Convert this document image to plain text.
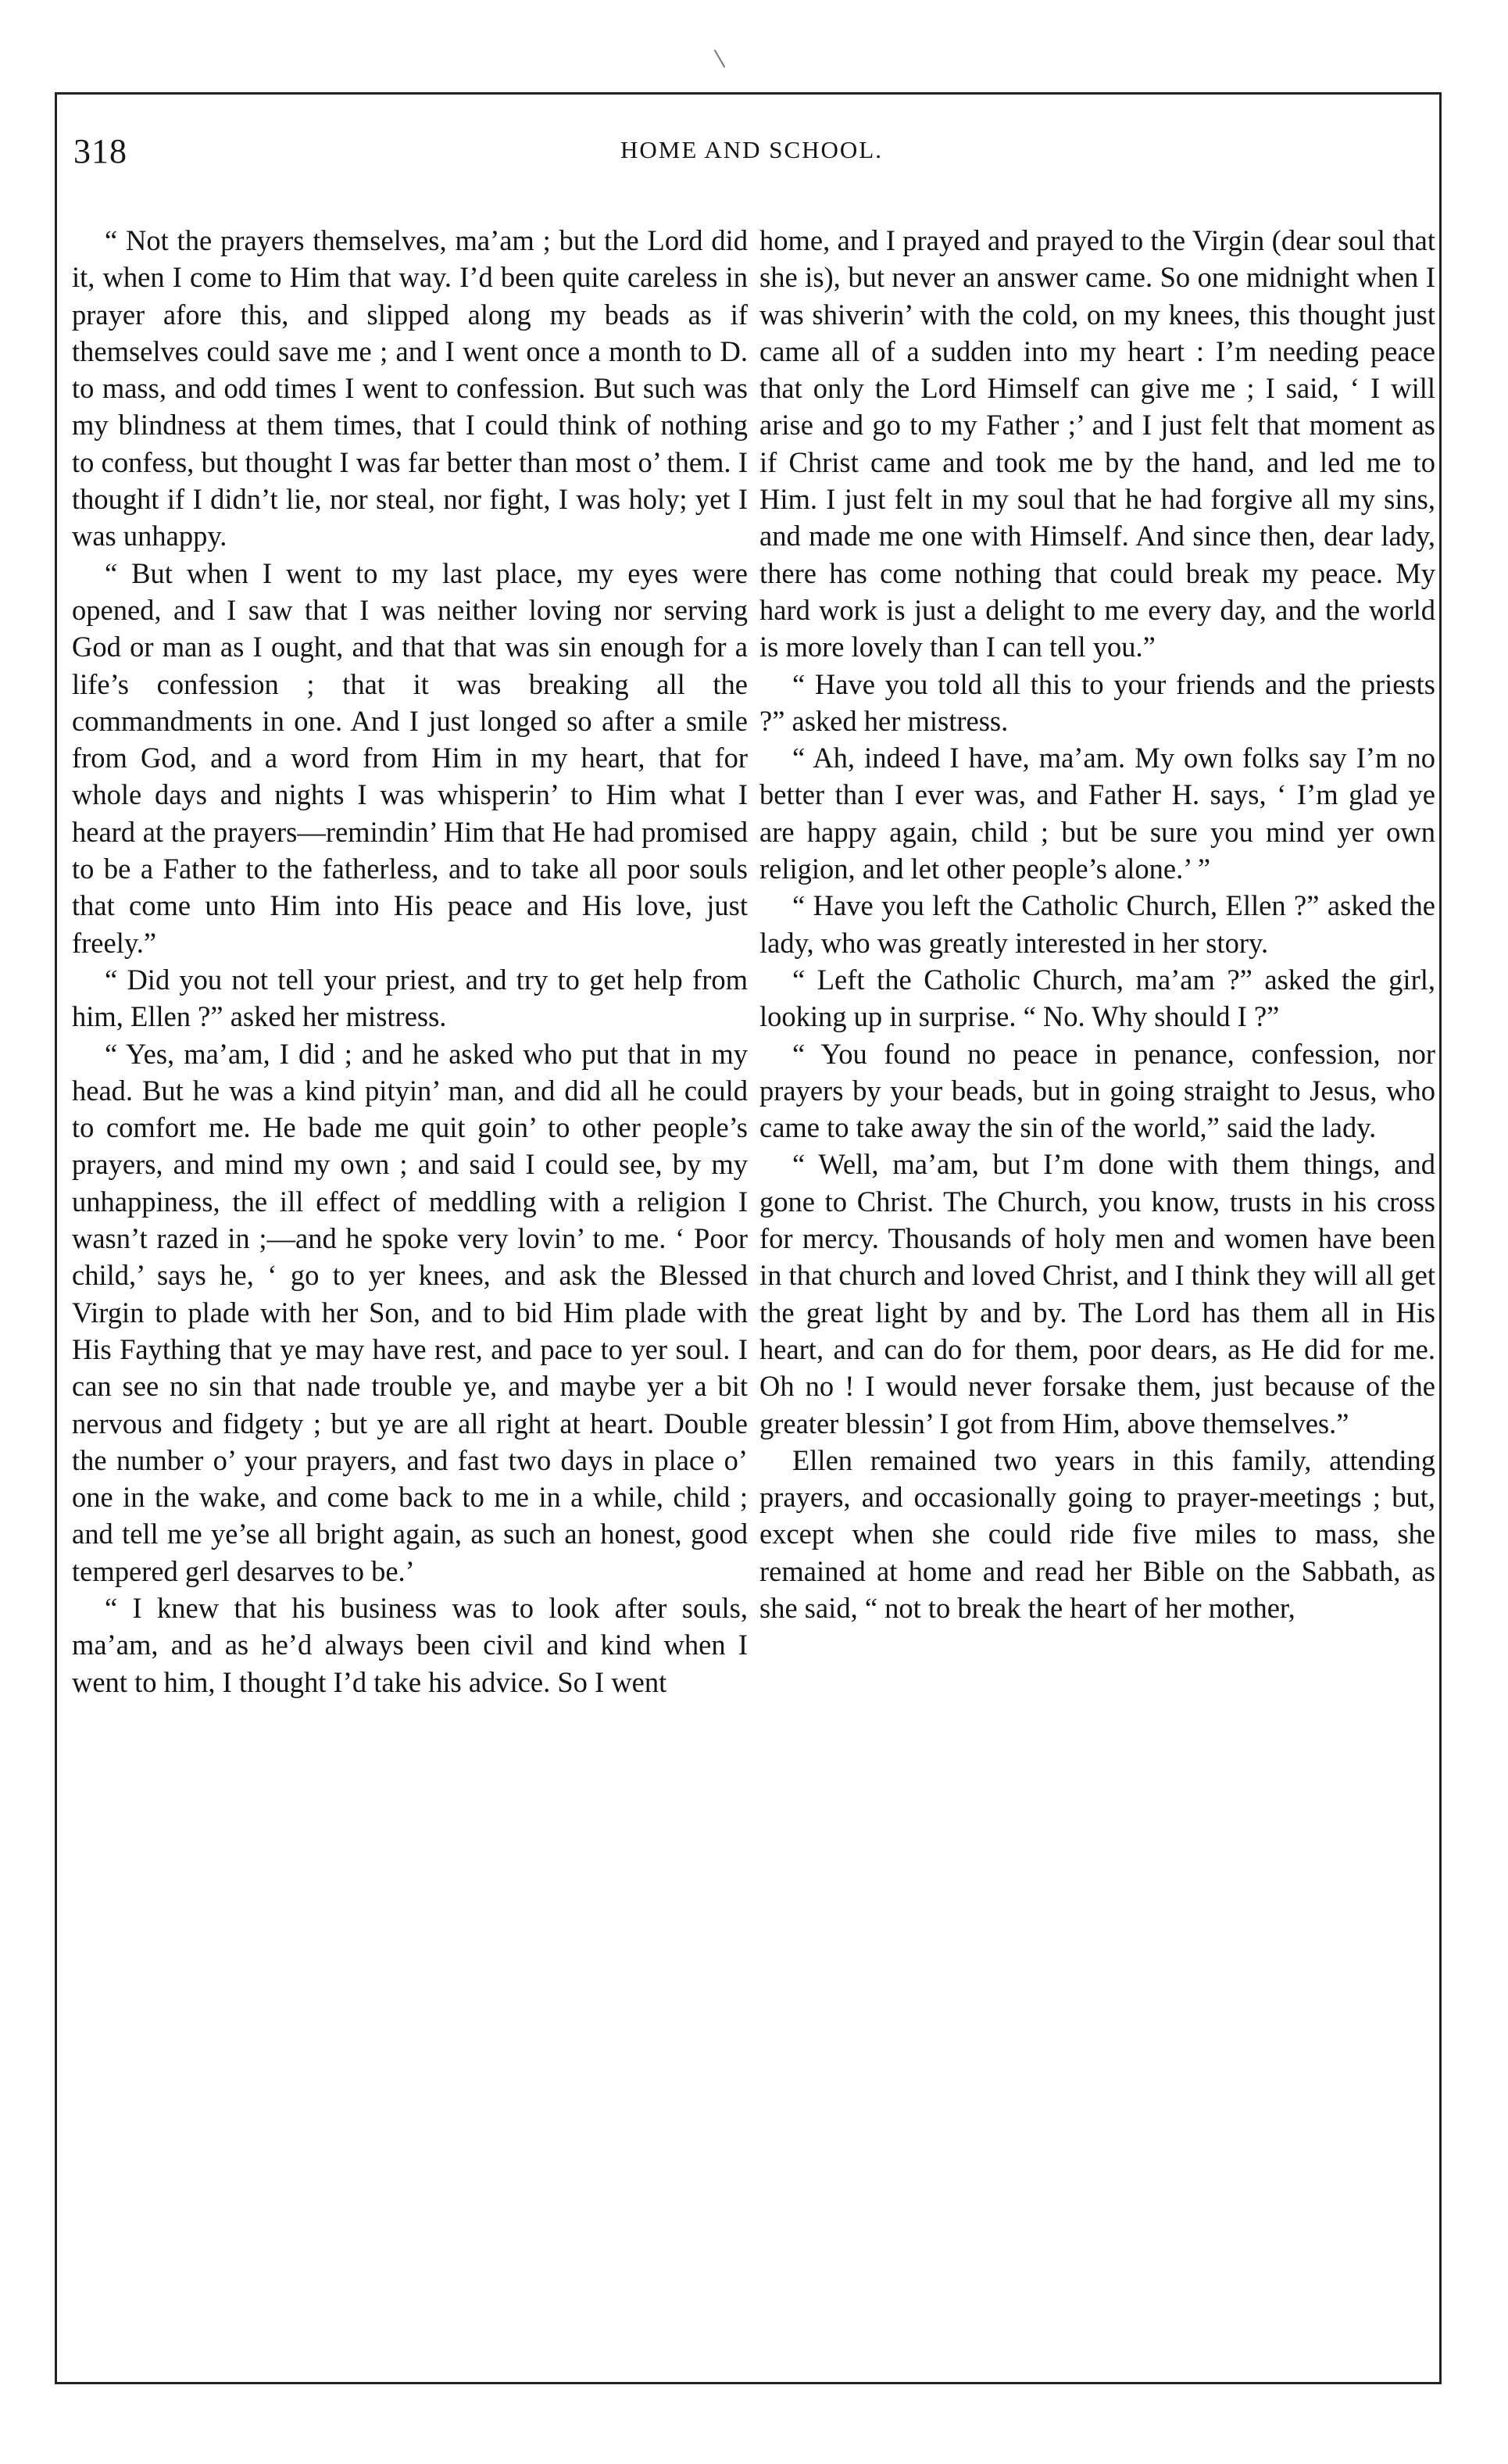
318	HOME AND SCHOOL.

“ Not the prayers themselves, ma’am ; but the Lord did it, when I come to Him that way. I’d been quite careless in prayer afore this, and slipped along my beads as if themselves could save me ; and I went once a month to D. to mass, and odd times I went to confession. But such was my blindness at them times, that I could think of nothing to confess, but thought I was far better than most o’ them. I thought if I didn’t lie, nor steal, nor fight, I was holy; yet I was unhappy.

“ But when I went to my last place, my eyes were opened, and I saw that I was neither loving nor serving God or man as I ought, and that that was sin enough for a life’s confession ; that it was breaking all the commandments in one. And I just longed so after a smile from God, and a word from Him in my heart, that for whole days and nights I was whisperin’ to Him what I heard at the prayers—remindin’ Him that He had promised to be a Father to the fatherless, and to take all poor souls that come unto Him into His peace and His love, just freely.”

“ Did you not tell your priest, and try to get help from him, Ellen ?” asked her mistress.

“ Yes, ma’am, I did ; and he asked who put that in my head. But he was a kind pityin’ man, and did all he could to comfort me. He bade me quit goin’ to other people’s prayers, and mind my own ; and said I could see, by my unhappiness, the ill effect of meddling with a religion I wasn’t razed in ;—and he spoke very lovin’ to me. ‘ Poor child,’ says he, ‘ go to yer knees, and ask the Blessed Virgin to plade with her Son, and to bid Him plade with His Faything that ye may have rest, and pace to yer soul. I can see no sin that nade trouble ye, and maybe yer a bit nervous and fidgety ; but ye are all right at heart. Double the number o’ your prayers, and fast two days in place o’ one in the wake, and come back to me in a while, child ; and tell me ye’se all bright again, as such an honest, good tempered gerl desarves to be.’

“ I knew that his business was to look after souls, ma’am, and as he’d always been civil and kind when I went to him, I thought I’d take his advice. So I went

home, and I prayed and prayed to the Virgin (dear soul that she is), but never an answer came. So one midnight when I was shiverin’ with the cold, on my knees, this thought just came all of a sudden into my heart : I’m needing peace that only the Lord Himself can give me ; I said, ‘ I will arise and go to my Father ;’ and I just felt that moment as if Christ came and took me by the hand, and led me to Him. I just felt in my soul that he had forgive all my sins, and made me one with Himself. And since then, dear lady, there has come nothing that could break my peace. My hard work is just a delight to me every day, and the world is more lovely than I can tell you.”

“ Have you told all this to your friends and the priests ?” asked her mistress.

“ Ah, indeed I have, ma’am. My own folks say I’m no better than I ever was, and Father H. says, ‘ I’m glad ye are happy again, child ; but be sure you mind yer own religion, and let other people’s alone.’ ”

“ Have you left the Catholic Church, Ellen ?” asked the lady, who was greatly interested in her story.

“ Left the Catholic Church, ma’am ?” asked the girl, looking up in surprise. “ No. Why should I ?”

“ You found no peace in penance, confession, nor prayers by your beads, but in going straight to Jesus, who came to take away the sin of the world,” said the lady.

“ Well, ma’am, but I’m done with them things, and gone to Christ. The Church, you know, trusts in his cross for mercy. Thousands of holy men and women have been in that church and loved Christ, and I think they will all get the great light by and by. The Lord has them all in His heart, and can do for them, poor dears, as He did for me. Oh no ! I would never forsake them, just because of the greater blessin’ I got from Him, above themselves.”

Ellen remained two years in this family, attending prayers, and occasionally going to prayer-meetings ; but, except when she could ride five miles to mass, she remained at home and read her Bible on the Sabbath, as she said, “ not to break the heart of her mother,
